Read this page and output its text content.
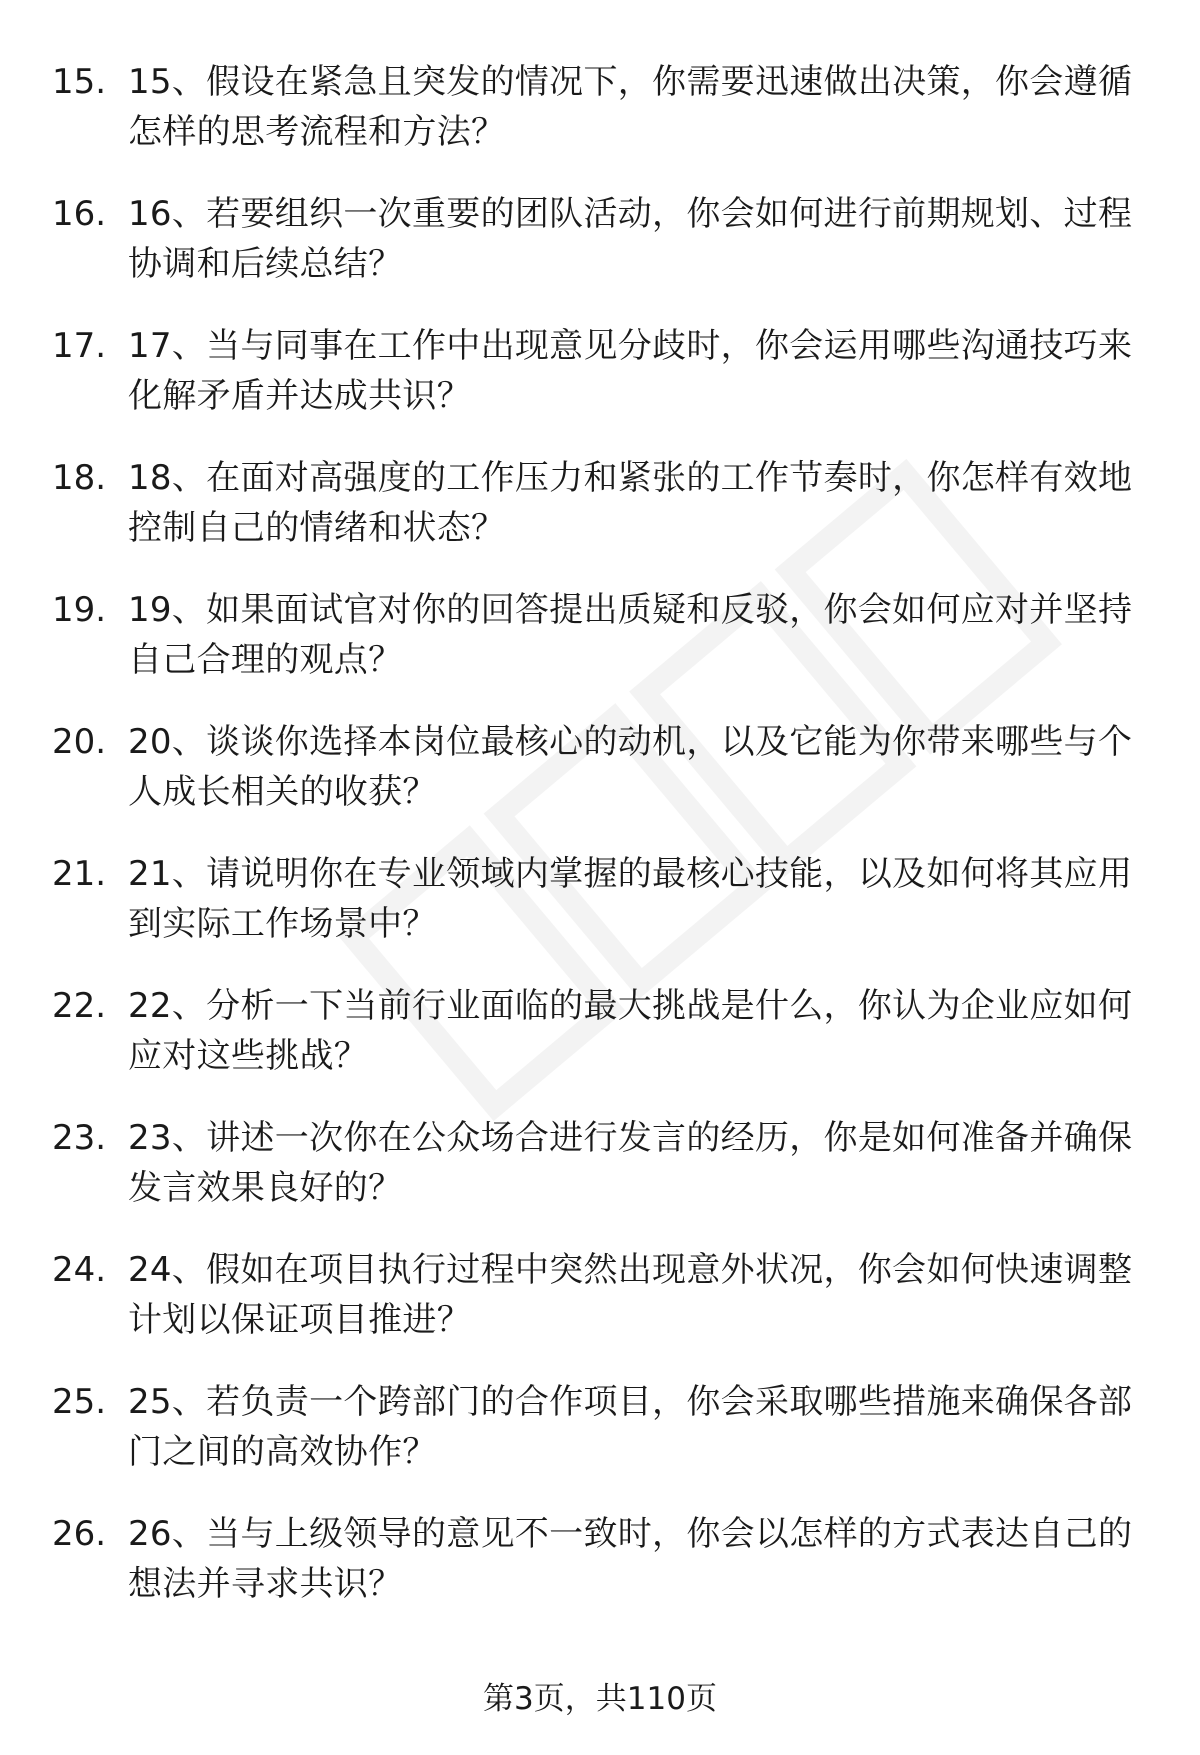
15. 15、假设在紧急且突发的情况下，你需要迅速做出决策，你会遵循怎样的思考流程和方法？
16. 16、若要组织一次重要的团队活动，你会如何进行前期规划、过程协调和后续总结？
17. 17、当与同事在工作中出现意见分歧时，你会运用哪些沟通技巧来化解矛盾并达成共识？
18. 18、在面对高强度的工作压力和紧张的工作节奏时，你怎样有效地控制自己的情绪和状态？
19. 19、如果面试官对你的回答提出质疑和反驳，你会如何应对并坚持自己合理的观点？
20. 20、谈谈你选择本岗位最核心的动机，以及它能为你带来哪些与个人成长相关的收获？
21. 21、请说明你在专业领域内掌握的最核心技能，以及如何将其应用到实际工作场景中？
22. 22、分析一下当前行业面临的最大挑战是什么，你认为企业应如何应对这些挑战？
23. 23、讲述一次你在公众场合进行发言的经历，你是如何准备并确保发言效果良好的？
24. 24、假如在项目执行过程中突然出现意外状况，你会如何快速调整计划以保证项目推进？
25. 25、若负责一个跨部门的合作项目，你会采取哪些措施来确保各部门之间的高效协作？
26. 26、当与上级领导的意见不一致时，你会以怎样的方式表达自己的想法并寻求共识？
第3页，共110页
